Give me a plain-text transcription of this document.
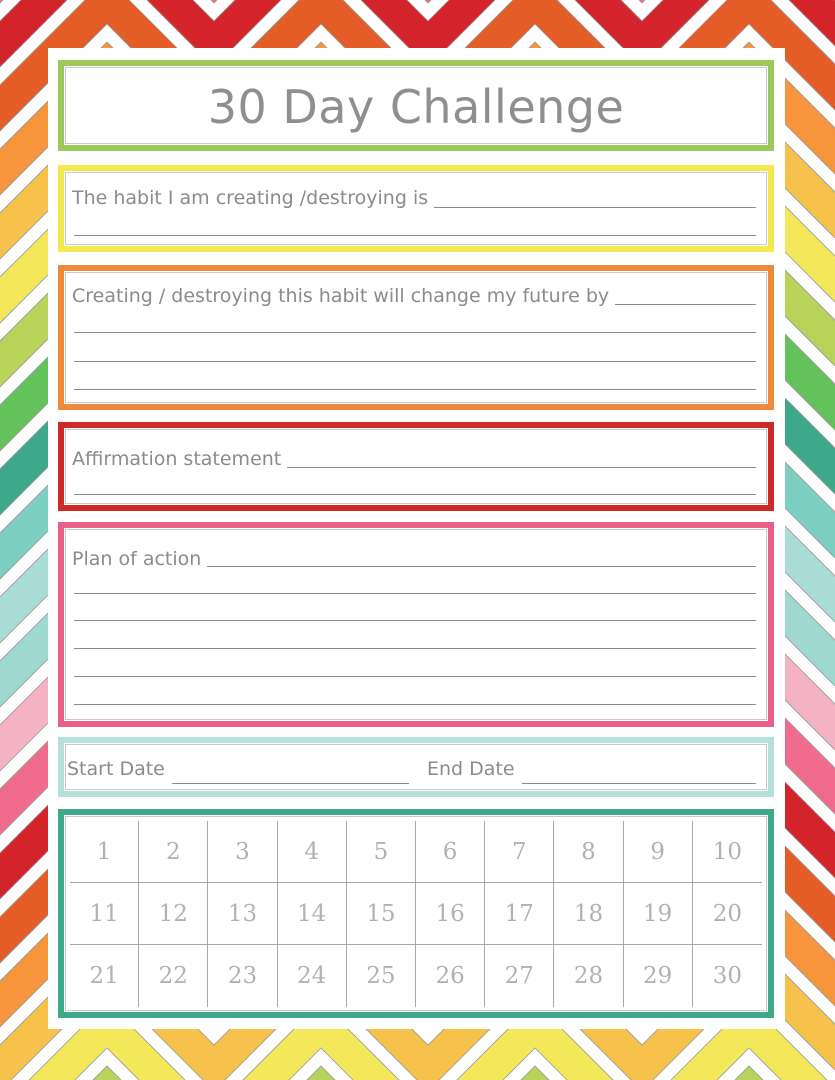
30 Day Challenge
The habit I am creating /destroying is
Creating / destroying this habit will change my future by
Affirmation statement
Plan of action
Start Date	End Date
1	2	3	4	5	6	7	8	9	10
11	12	13	14	15	16	17	18	19	20
21	22	23	24	25	26	27	28	29	30
